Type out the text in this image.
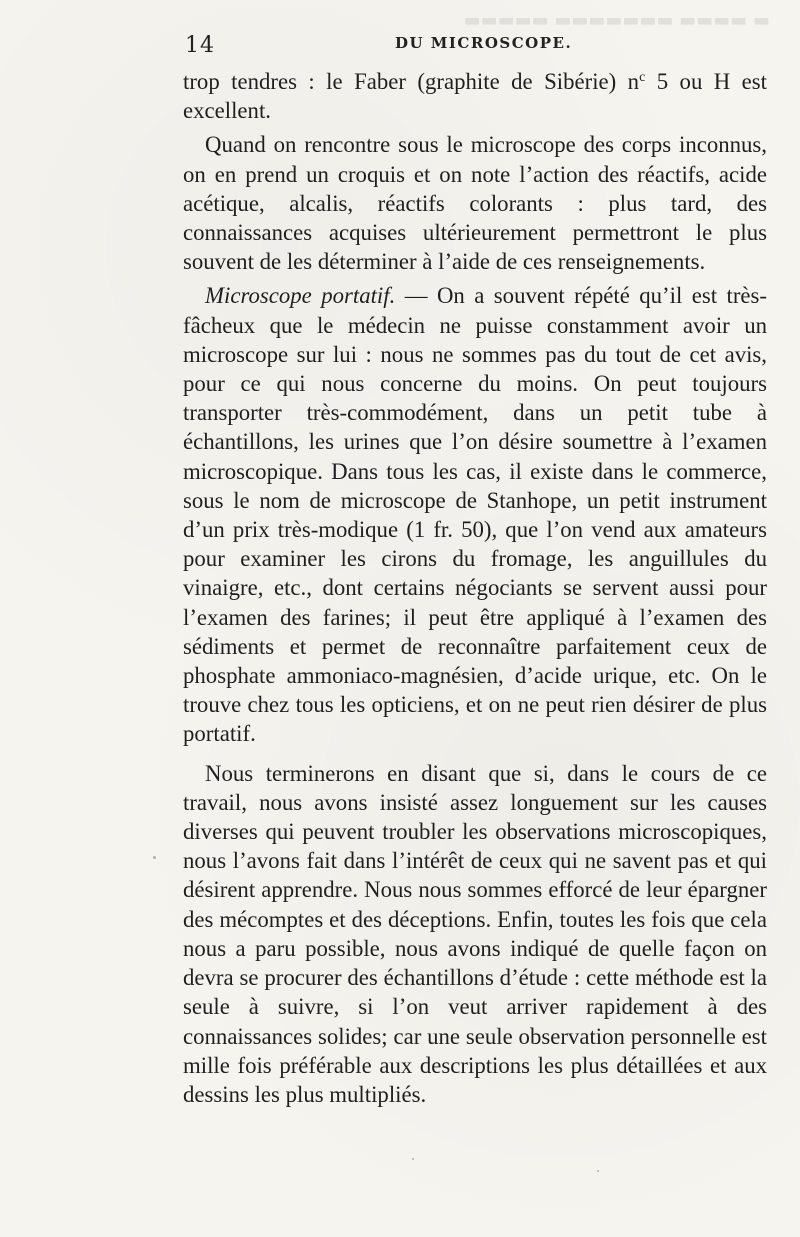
▬ ▬▬▬▬ ▬▬▬▬▬▬▬ ▬▬▬▬▬
14	DU MICROSCOPE.

trop tendres : le Faber (graphite de Sibérie) $n^c$ 5 ou H est excellent.

Quand on rencontre sous le microscope des corps inconnus, on en prend un croquis et on note l’action des réactifs, acide acétique, alcalis, réactifs colorants : plus tard, des connaissances acquises ultérieurement permettront le plus souvent de les déterminer à l’aide de ces renseignements.

Microscope portatif. — On a souvent répété qu’il est très-fâcheux que le médecin ne puisse constamment avoir un microscope sur lui : nous ne sommes pas du tout de cet avis, pour ce qui nous concerne du moins. On peut toujours transporter très-commodément, dans un petit tube à échantillons, les urines que l’on désire soumettre à l’examen microscopique. Dans tous les cas, il existe dans le commerce, sous le nom de microscope de Stanhope, un petit instrument d’un prix très-modique (1 fr. 50), que l’on vend aux amateurs pour examiner les cirons du fromage, les anguillules du vinaigre, etc., dont certains négociants se servent aussi pour l’examen des farines; il peut être appliqué à l’examen des sédiments et permet de reconnaître parfaitement ceux de phosphate ammoniaco-magnésien, d’acide urique, etc. On le trouve chez tous les opticiens, et on ne peut rien désirer de plus portatif.

Nous terminerons en disant que si, dans le cours de ce travail, nous avons insisté assez longuement sur les causes diverses qui peuvent troubler les observations microscopiques, nous l’avons fait dans l’intérêt de ceux qui ne savent pas et qui désirent apprendre. Nous nous sommes efforcé de leur épargner des mécomptes et des déceptions. Enfin, toutes les fois que cela nous a paru possible, nous avons indiqué de quelle façon on devra se procurer des échantillons d’étude : cette méthode est la seule à suivre, si l’on veut arriver rapidement à des connaissances solides; car une seule observation personnelle est mille fois préférable aux descriptions les plus détaillées et aux dessins les plus multipliés.
